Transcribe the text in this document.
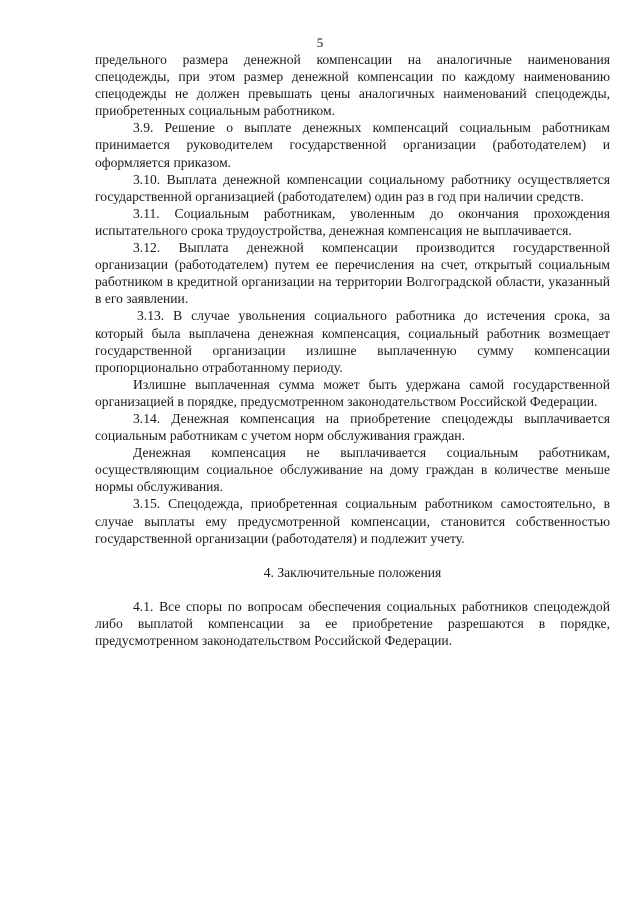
5

предельного размера денежной компенсации на аналогичные наименования спецодежды, при этом размер денежной компенсации по каждому наименованию спецодежды не должен превышать цены аналогичных наименований спецодежды, приобретенных социальным работником.

3.9. Решение о выплате денежных компенсаций социальным работникам принимается руководителем государственной организации (работодателем) и оформляется приказом.

3.10. Выплата денежной компенсации социальному работнику осуществляется государственной организацией (работодателем) один раз в год при наличии средств.

3.11. Социальным работникам, уволенным до окончания прохождения испытательного срока трудоустройства, денежная компенсация не выплачивается.

3.12. Выплата денежной компенсации производится государственной организации (работодателем) путем ее перечисления на счет, открытый социальным работником в кредитной организации на территории Волгоградской области, указанный в его заявлении.

3.13. В случае увольнения социального работника до истечения срока, за который была выплачена денежная компенсация, социальный работник возмещает государственной организации излишне выплаченную сумму компенсации пропорционально отработанному периоду.

Излишне выплаченная сумма может быть удержана самой государственной организацией в порядке, предусмотренном законодательством Российской Федерации.

3.14. Денежная компенсация на приобретение спецодежды выплачивается социальным работникам с учетом норм обслуживания граждан.

Денежная компенсация не выплачивается социальным работникам, осуществляющим социальное обслуживание на дому граждан в количестве меньше нормы обслуживания.

3.15. Спецодежда, приобретенная социальным работником самостоятельно, в случае выплаты ему предусмотренной компенсации, становится собственностью государственной организации (работодателя) и подлежит учету.

4. Заключительные положения

4.1. Все споры по вопросам обеспечения социальных работников спецодеждой либо выплатой компенсации за ее приобретение разрешаются в порядке, предусмотренном законодательством Российской Федерации.
